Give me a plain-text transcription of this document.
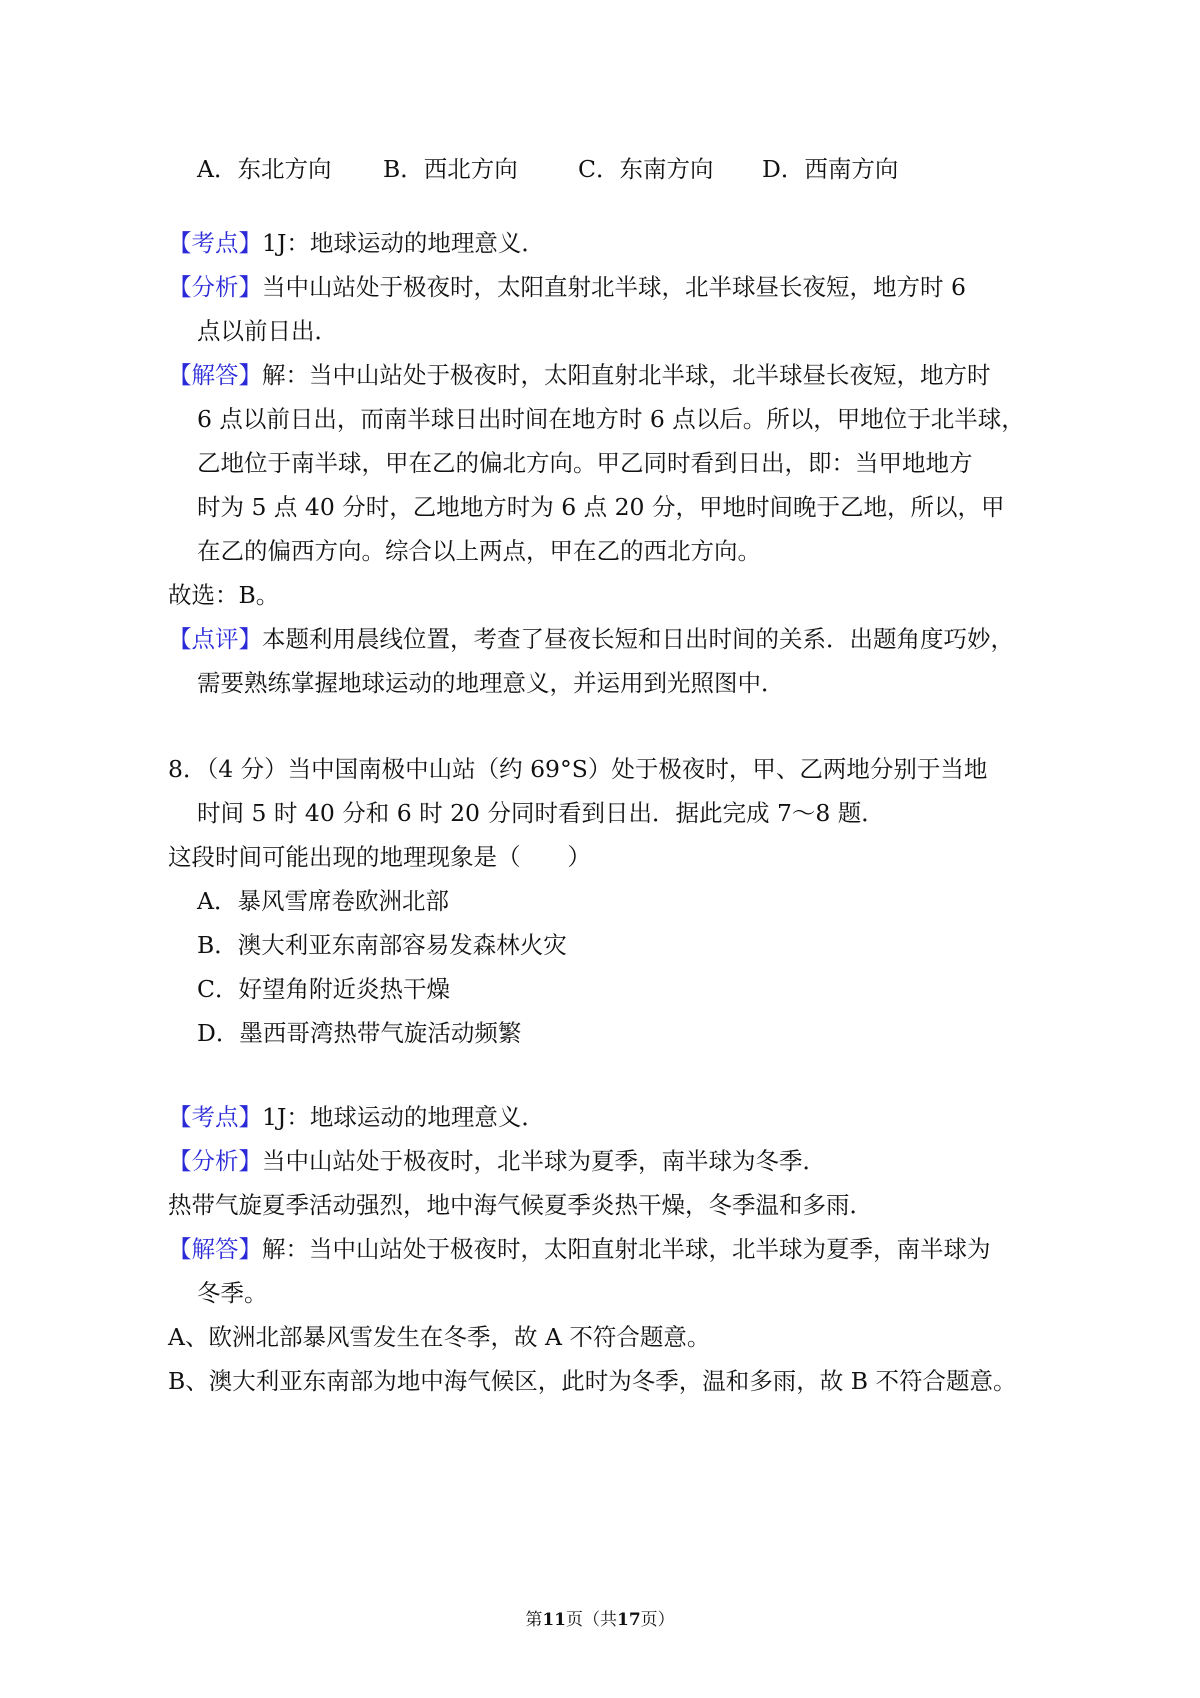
A．东北方向 B．西北方向	C．东南方向 D．西南方向
【考点】1J：地球运动的地理意义．
【分析】当中山站处于极夜时，太阳直射北半球，北半球昼长夜短，地方时 6
点以前日出．
【解答】解：当中山站处于极夜时，太阳直射北半球，北半球昼长夜短，地方时
6 点以前日出，而南半球日出时间在地方时 6 点以后。所以，甲地位于北半球，
乙地位于南半球，甲在乙的偏北方向。甲乙同时看到日出，即：当甲地地方
时为 5 点 40 分时，乙地地方时为 6 点 20 分，甲地时间晚于乙地，所以，甲
在乙的偏西方向。综合以上两点，甲在乙的西北方向。
故选：B。
【点评】本题利用晨线位置，考查了昼夜长短和日出时间的关系．出题角度巧妙，
需要熟练掌握地球运动的地理意义，并运用到光照图中．
8．（4 分）当中国南极中山站（约 69°S）处于极夜时，甲、乙两地分别于当地
时间 5 时 40 分和 6 时 20 分同时看到日出．据此完成 7～8 题．
这段时间可能出现的地理现象是（　　）
A．暴风雪席卷欧洲北部
B．澳大利亚东南部容易发森林火灾
C．好望角附近炎热干燥
D．墨西哥湾热带气旋活动频繁
【考点】1J：地球运动的地理意义．
【分析】当中山站处于极夜时，北半球为夏季，南半球为冬季．
热带气旋夏季活动强烈，地中海气候夏季炎热干燥，冬季温和多雨．
【解答】解：当中山站处于极夜时，太阳直射北半球，北半球为夏季，南半球为
冬季。
A、欧洲北部暴风雪发生在冬季，故 A 不符合题意。
B、澳大利亚东南部为地中海气候区，此时为冬季，温和多雨，故 B 不符合题意。
第11页（共17页）
